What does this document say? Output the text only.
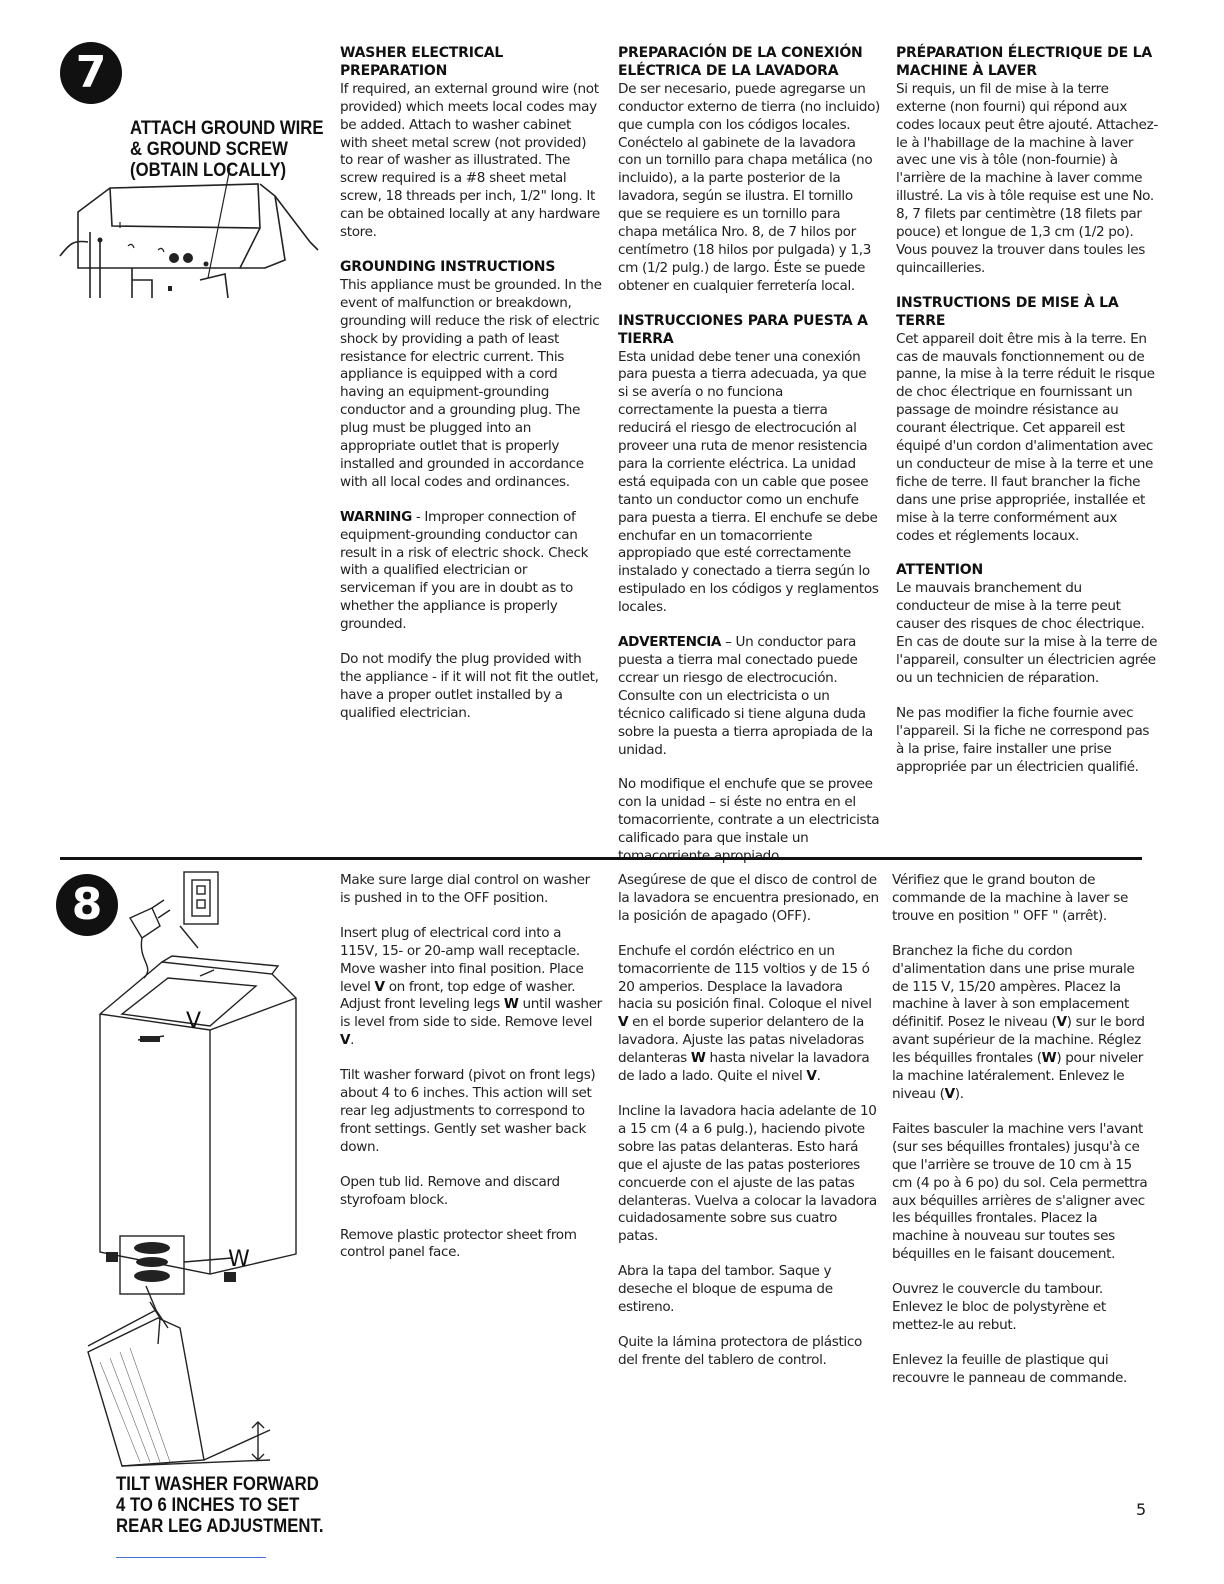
7
ATTACH GROUND WIRE
& GROUND SCREW
(OBTAIN LOCALLY)
WASHER ELECTRICAL PREPARATION

If required, an external ground wire (not provided) which meets local codes may be added. Attach to washer cabinet with sheet metal screw (not provided) to rear of washer as illustrated. The screw required is a #8 sheet metal screw, 18 threads per inch, 1/2" long. It can be obtained locally at any hardware store.

GROUNDING INSTRUCTIONS

This appliance must be grounded. In the event of malfunction or breakdown, grounding will reduce the risk of electric shock by providing a path of least resistance for electric current. This appliance is equipped with a cord having an equipment-grounding conductor and a grounding plug. The plug must be plugged into an appropriate outlet that is properly installed and grounded in accordance with all local codes and ordinances.

WARNING - Improper connection of equipment-grounding conductor can result in a risk of electric shock. Check with a qualified electrician or serviceman if you are in doubt as to whether the appliance is properly grounded.

Do not modify the plug provided with the appliance - if it will not fit the outlet, have a proper outlet installed by a qualified electrician.

PREPARACIÓN DE LA CONEXIÓN ELÉCTRICA DE LA LAVADORA

De ser necesario, puede agregarse un conductor externo de tierra (no incluido) que cumpla con los códigos locales. Conéctelo al gabinete de la lavadora con un tornillo para chapa metálica (no incluido), a la parte posterior de la lavadora, según se ilustra. El tornillo que se requiere es un tornillo para chapa metálica Nro. 8, de 7 hilos por centímetro (18 hilos por pulgada) y 1,3 cm (1/2 pulg.) de largo. Éste se puede obtener en cualquier ferretería local.

INSTRUCCIONES PARA PUESTA A TIERRA

Esta unidad debe tener una conexión para puesta a tierra adecuada, ya que si se avería o no funciona correctamente la puesta a tierra reducirá el riesgo de electrocución al proveer una ruta de menor resistencia para la corriente eléctrica. La unidad está equipada con un cable que posee tanto un conductor como un enchufe para puesta a tierra. El enchufe se debe enchufar en un tomacorriente appropiado que esté correctamente instalado y conectado a tierra según lo estipulado en los códigos y reglamentos locales.

ADVERTENCIA – Un conductor para puesta a tierra mal conectado puede ccrear un riesgo de electrocución. Consulte con un electricista o un técnico calificado si tiene alguna duda sobre la puesta a tierra apropiada de la unidad.

No modifique el enchufe que se provee con la unidad – si éste no entra en el tomacorriente, contrate a un electricista calificado para que instale un

PRÉPARATION ÉLECTRIQUE DE LA MACHINE À LAVER

Si requis, un fil de mise à la terre externe (non fourni) qui répond aux codes locaux peut être ajouté. Attachez-le à l'habillage de la machine à laver avec une vis à tôle (non-fournie) à l'arrière de la machine à laver comme illustré. La vis à tôle requise est une No. 8, 7 filets par centimètre (18 filets par pouce) et longue de 1,3 cm (1/2 po). Vous pouvez la trouver dans toules les quincailleries.

INSTRUCTIONS DE MISE À LA TERRE

Cet appareil doit être mis à la terre. En cas de mauvals fonctionnement ou de panne, la mise à la terre réduit le risque de choc électrique en fournissant un passage de moindre résistance au courant électrique. Cet appareil est équipé d'un cordon d'alimentation avec un conducteur de mise à la terre et une fiche de terre. Il faut brancher la fiche dans une prise appropriée, installée et mise à la terre conformément aux codes et réglements locaux.

ATTENTION

Le mauvais branchement du conducteur de mise à la terre peut causer des risques de choc électrique. En cas de doute sur la mise à la terre de l'appareil, consulter un électricien agrée ou un technicien de réparation.

Ne pas modifier la fiche fournie avec l'appareil. Si la fiche ne correspond pas à la prise, faire installer une prise appropriée par un électricien qualifié.

8
V
W
TILT WASHER FORWARD
4 TO 6 INCHES TO SET
REAR LEG ADJUSTMENT.

Make sure large dial control on washer is pushed in to the OFF position.

Insert plug of electrical cord into a 115V, 15- or 20-amp wall receptacle. Move washer into final position. Place level V on front, top edge of washer. Adjust front leveling legs W until washer is level from side to side. Remove level V.

Tilt washer forward (pivot on front legs) about 4 to 6 inches. This action will set rear leg adjustments to correspond to front settings. Gently set washer back down.

Open tub lid. Remove and discard styrofoam block.

Remove plastic protector sheet from control panel face.

Asegúrese de que el disco de control de la lavadora se encuentra presionado, en la posición de apagado (OFF).

Enchufe el cordón eléctrico en un tomacorriente de 115 voltios y de 15 ó 20 amperios. Desplace la lavadora hacia su posición final. Coloque el nivel V en el borde superior delantero de la lavadora. Ajuste las patas niveladoras delanteras W hasta nivelar la lavadora de lado a lado. Quite el nivel V.

Incline la lavadora hacia adelante de 10 a 15 cm (4 a 6 pulg.), haciendo pivote sobre las patas delanteras. Esto hará que el ajuste de las patas posteriores concuerde con el ajuste de las patas delanteras. Vuelva a colocar la lavadora cuidadosamente sobre sus cuatro patas.

Abra la tapa del tambor. Saque y deseche el bloque de espuma de estireno.

Quite la lámina protectora de plástico del frente del tablero de control.

Vérifiez que le grand bouton de commande de la machine à laver se trouve en position " OFF " (arrêt).

Branchez la fiche du cordon d'alimentation dans une prise murale de 115 V, 15/20 ampères. Placez la machine à laver à son emplacement définitif. Posez le niveau (V) sur le bord avant supérieur de la machine. Réglez les béquilles frontales (W) pour niveler la machine latéralement. Enlevez le niveau (V).

Faites basculer la machine vers l'avant (sur ses béquilles frontales) jusqu'à ce que l'arrière se trouve de 10 cm à 15 cm (4 po à 6 po) du sol. Cela permettra aux béquilles arrières de s'aligner avec les béquilles frontales. Placez la machine à nouveau sur toutes ses béquilles en le faisant doucement.

Ouvrez le couvercle du tambour. Enlevez le bloc de polystyrène et mettez-le au rebut.

Enlevez la feuille de plastique qui recouvre le panneau de commande.

5
